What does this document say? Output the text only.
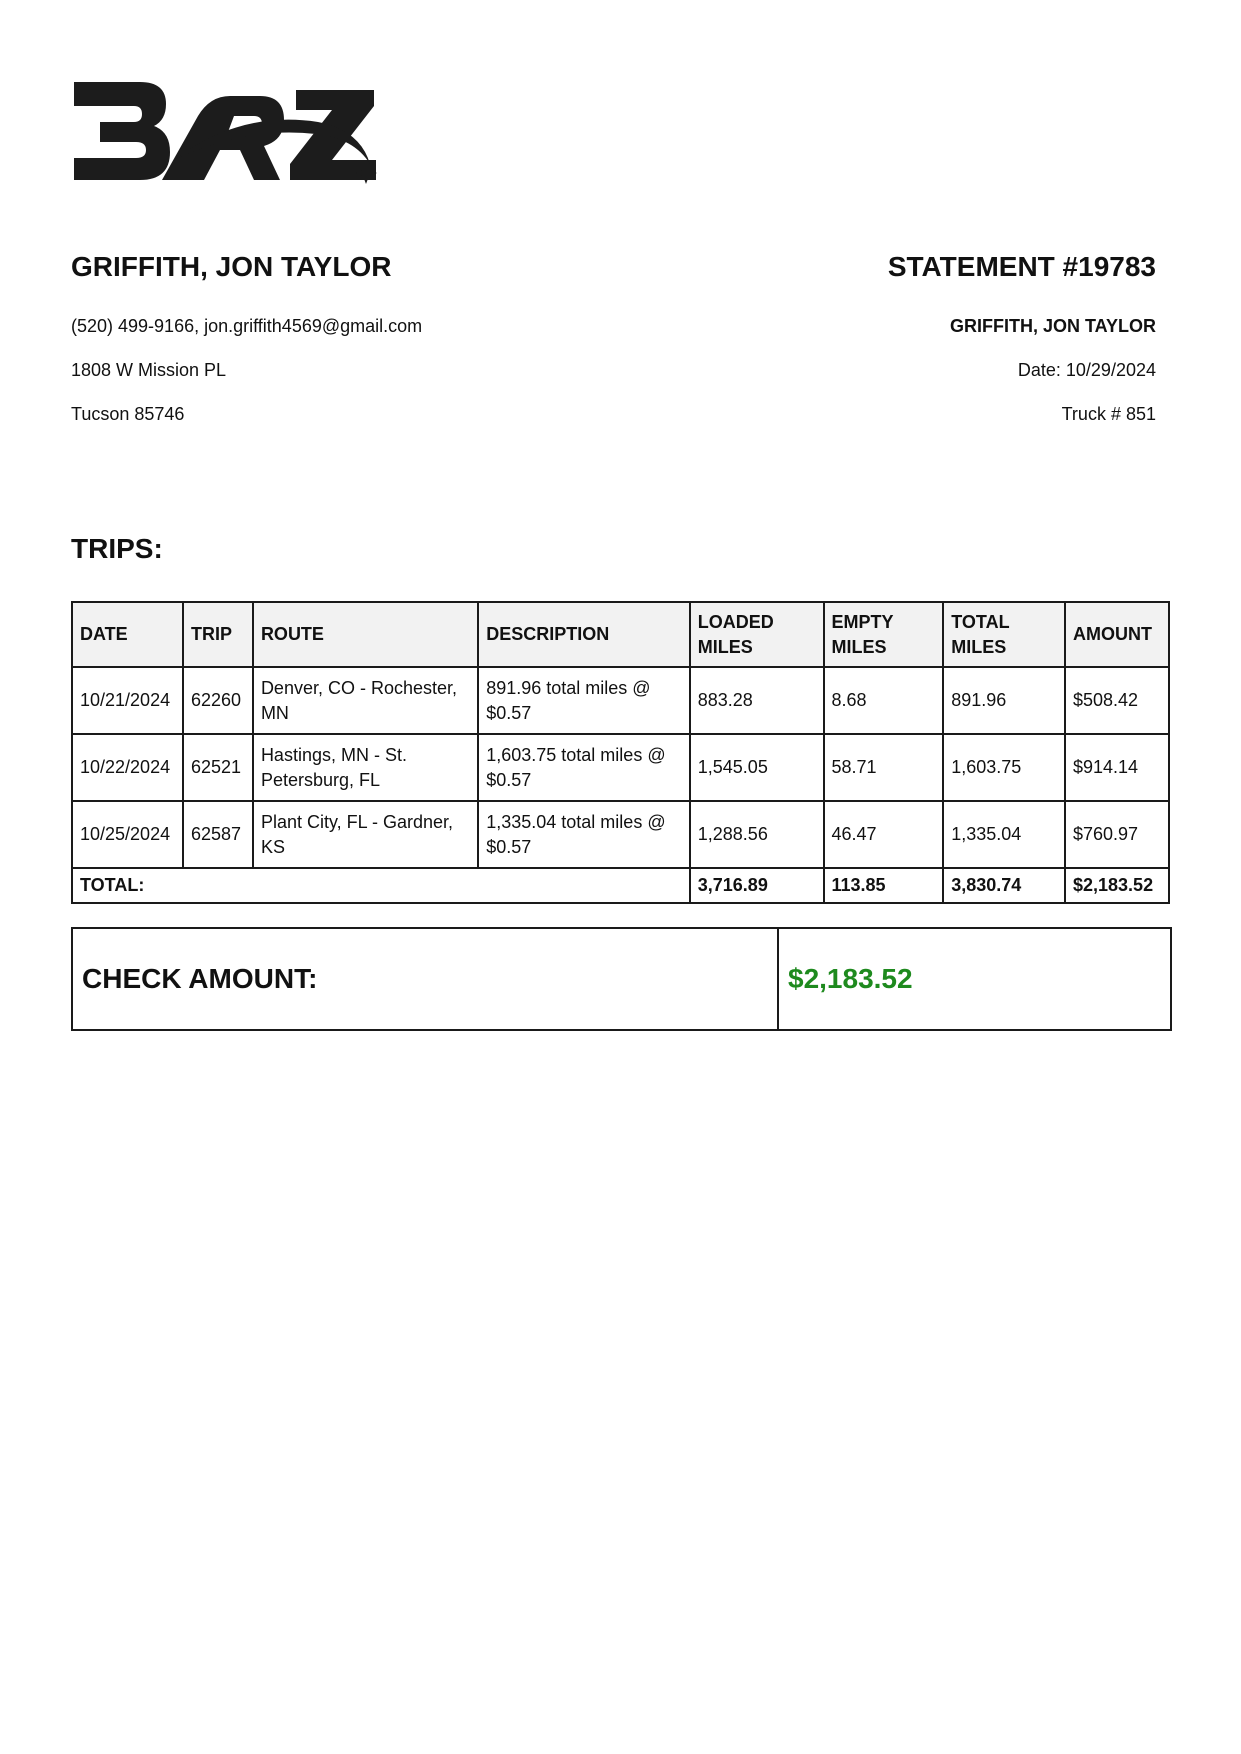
GRIFFITH, JON TAYLOR

(520) 499-9166, jon.griffith4569@gmail.com

1808 W Mission PL

Tucson 85746

STATEMENT #19783

GRIFFITH, JON TAYLOR

Date: 10/29/2024

Truck # 851

TRIPS:
DATE	TRIP	ROUTE	DESCRIPTION	LOADED MILES	EMPTY MILES	TOTAL MILES	AMOUNT
10/21/2024	62260	Denver, CO - Rochester, MN	891.96 total miles @ $0.57	883.28	8.68	891.96	$508.42
10/22/2024	62521	Hastings, MN - St. Petersburg, FL	1,603.75 total miles @ $0.57	1,545.05	58.71	1,603.75	$914.14
10/25/2024	62587	Plant City, FL - Gardner, KS	1,335.04 total miles @ $0.57	1,288.56	46.47	1,335.04	$760.97
TOTAL:				3,716.89	113.85	3,830.74	$2,183.52
CHECK AMOUNT:	$2,183.52
